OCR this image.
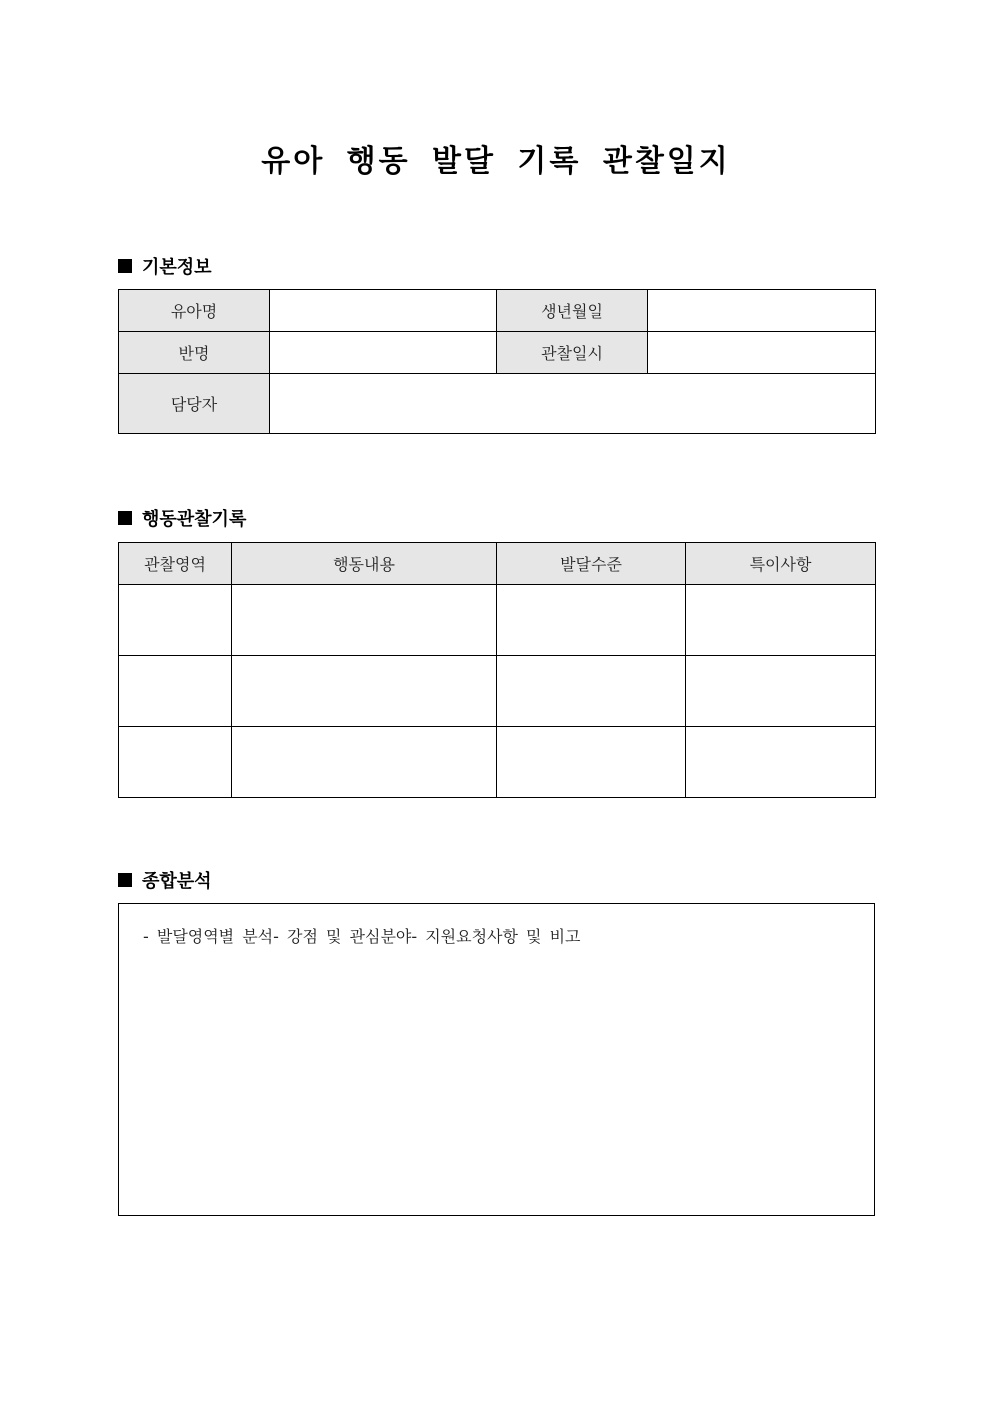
유아 행동 발달 기록 관찰일지
기본정보
유아명		생년월일	
반명		관찰일시	
담당자			
행동관찰기록
관찰영역	행동내용	발달수준	특이사항

종합분석
- 발달영역별 분석- 강점 및 관심분야- 지원요청사항 및 비고
